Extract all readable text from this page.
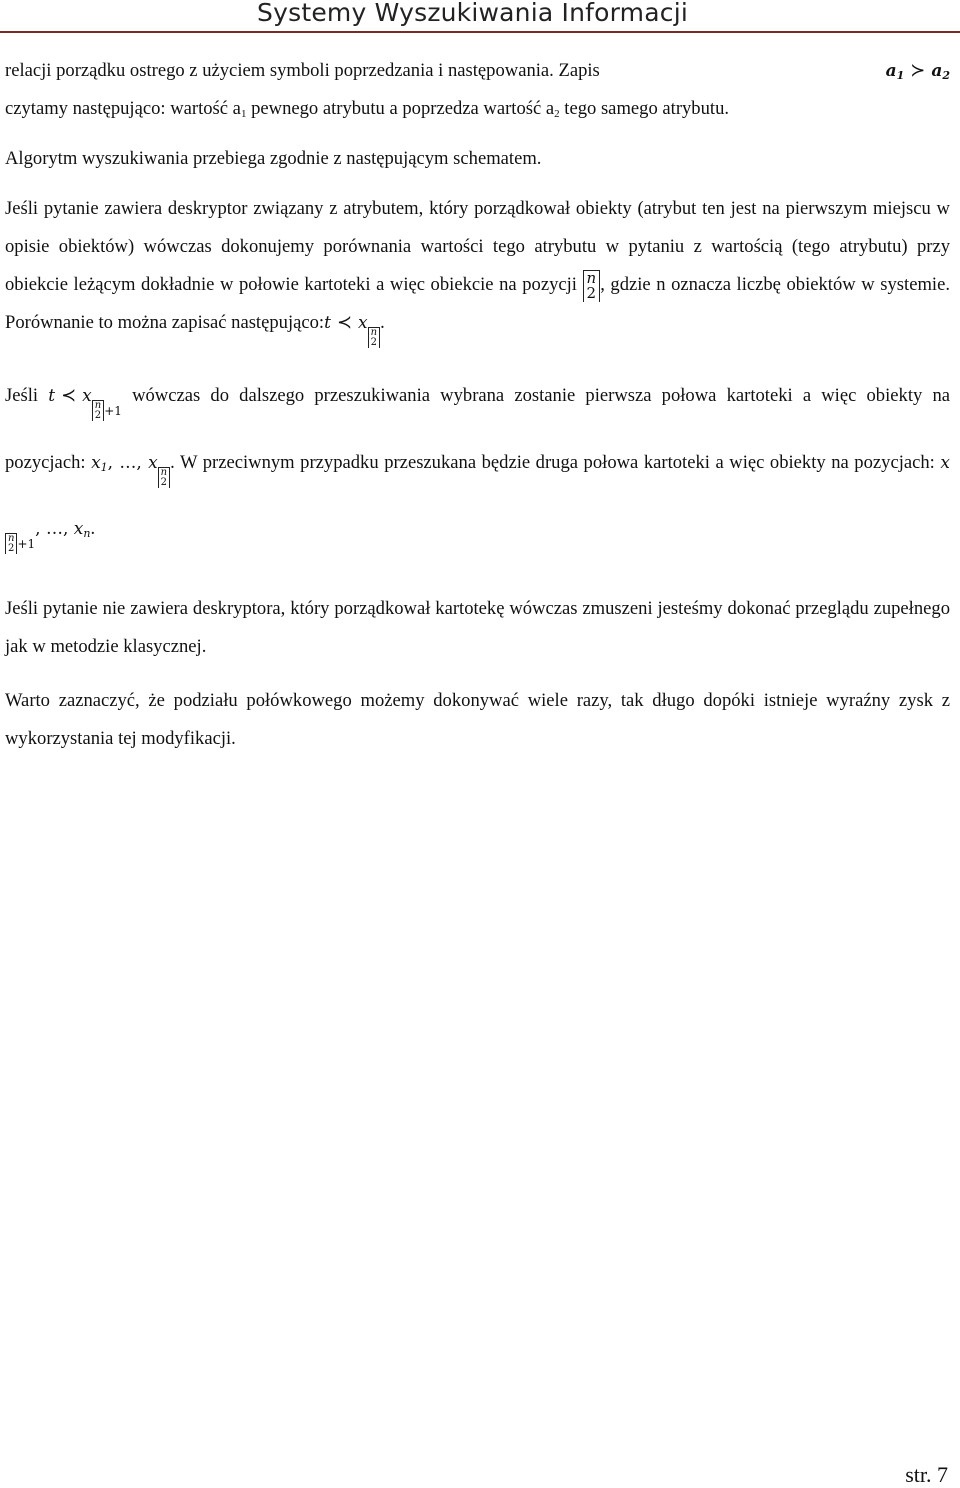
Systemy Wyszukiwania Informacji

relacji porządku ostrego z użyciem symboli poprzedzania i następowania. Zapis	$a_1$ ≻ $a_2$

czytamy następująco: wartość $a_1$ pewnego atrybutu a poprzedza wartość $a_2$ tego samego atrybutu.

Algorytm wyszukiwania przebiega zgodnie z następującym schematem.

Jeśli pytanie zawiera deskryptor związany z atrybutem, który porządkował obiekty (atrybut ten jest na pierwszym miejscu w opisie obiektów) wówczas dokonujemy porównania wartości tego atrybutu w pytaniu z wartością (tego atrybutu) przy obiekcie leżącym dokładnie w połowie kartoteki a więc obiekcie na pozycji n
2 , gdzie n oznacza liczbę obiektów w systemie. Porównanie to można zapisać następująco:t ≺ x n
2
.

Jeśli t ≺ x n
2 +1 wówczas do dalszego przeszukiwania wybrana zostanie pierwsza połowa kartoteki a więc obiekty na pozycjach: $x_1$, …, x n
2
. W przeciwnym przypadku przeszukana będzie druga połowa kartoteki a więc obiekty na pozycjach: x
n
2 +1, …, $x_n$.

Jeśli pytanie nie zawiera deskryptora, który porządkował kartotekę wówczas zmuszeni jesteśmy dokonać przeglądu zupełnego jak w metodzie klasycznej.

Warto zaznaczyć, że podziału połówkowego możemy dokonywać wiele razy, tak długo dopóki istnieje wyraźny zysk z wykorzystania tej modyfikacji.

str. 7
